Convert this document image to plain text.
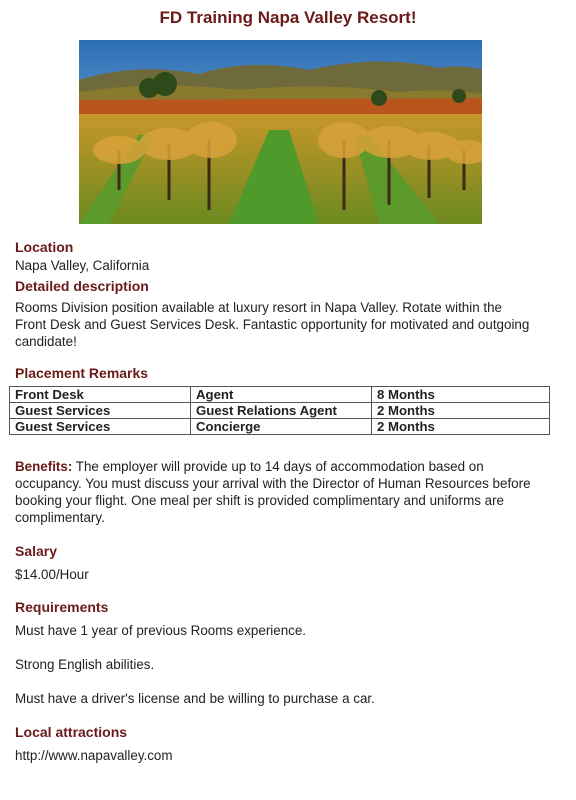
FD Training Napa Valley Resort!
Location
Napa Valley, California
Detailed description
Rooms Division position available at luxury resort in Napa Valley. Rotate within the Front Desk and Guest Services Desk. Fantastic opportunity for motivated and outgoing candidate!
Placement Remarks
Front Desk	Agent	8 Months
Guest Services	Guest Relations Agent	2 Months
Guest Services	Concierge	2 Months
Benefits: The employer will provide up to 14 days of accommodation based on occupancy. You must discuss your arrival with the Director of Human Resources before booking your flight. One meal per shift is provided complimentary and uniforms are complimentary.
Salary
$14.00/Hour
Requirements
Must have 1 year of previous Rooms experience.
Strong English abilities.
Must have a driver's license and be willing to purchase a car.
Local attractions
http://www.napavalley.com
